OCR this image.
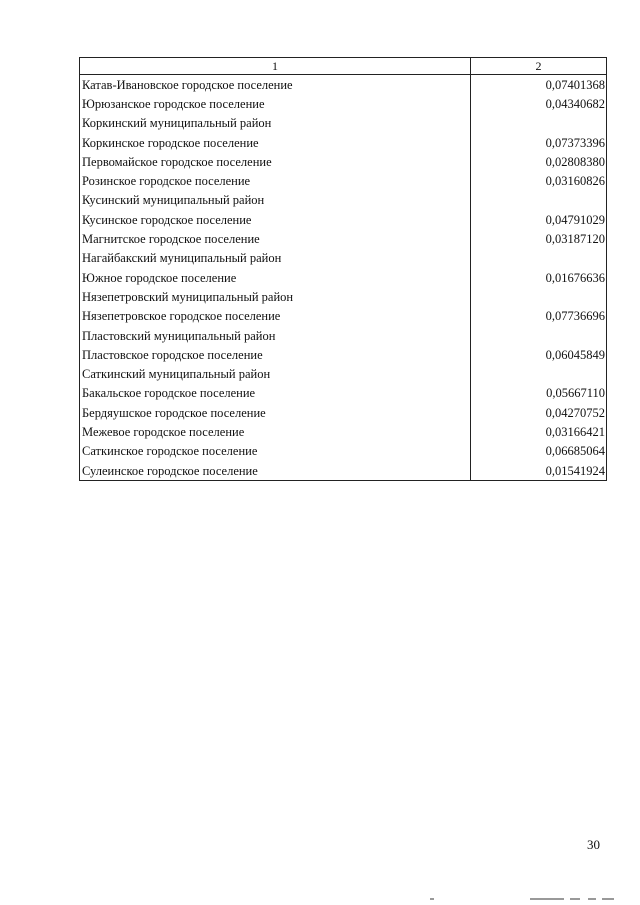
1	2
Катав-Ивановское городское поселение	0,07401368
Юрюзанское городское поселение	0,04340682
Коркинский муниципальный район	
Коркинское городское поселение	0,07373396
Первомайское городское поселение	0,02808380
Розинское городское поселение	0,03160826
Кусинский муниципальный район	
Кусинское городское поселение	0,04791029
Магнитское городское поселение	0,03187120
Нагайбакский муниципальный район	
Южное городское поселение	0,01676636
Нязепетровский муниципальный район	
Нязепетровское городское поселение	0,07736696
Пластовский муниципальный район	
Пластовское городское поселение	0,06045849
Саткинский муниципальный район	
Бакальское городское поселение	0,05667110
Бердяушское городское поселение	0,04270752
Межевое городское поселение	0,03166421
Саткинское городское поселение	0,06685064
Сулеинское городское поселение	0,01541924
30
